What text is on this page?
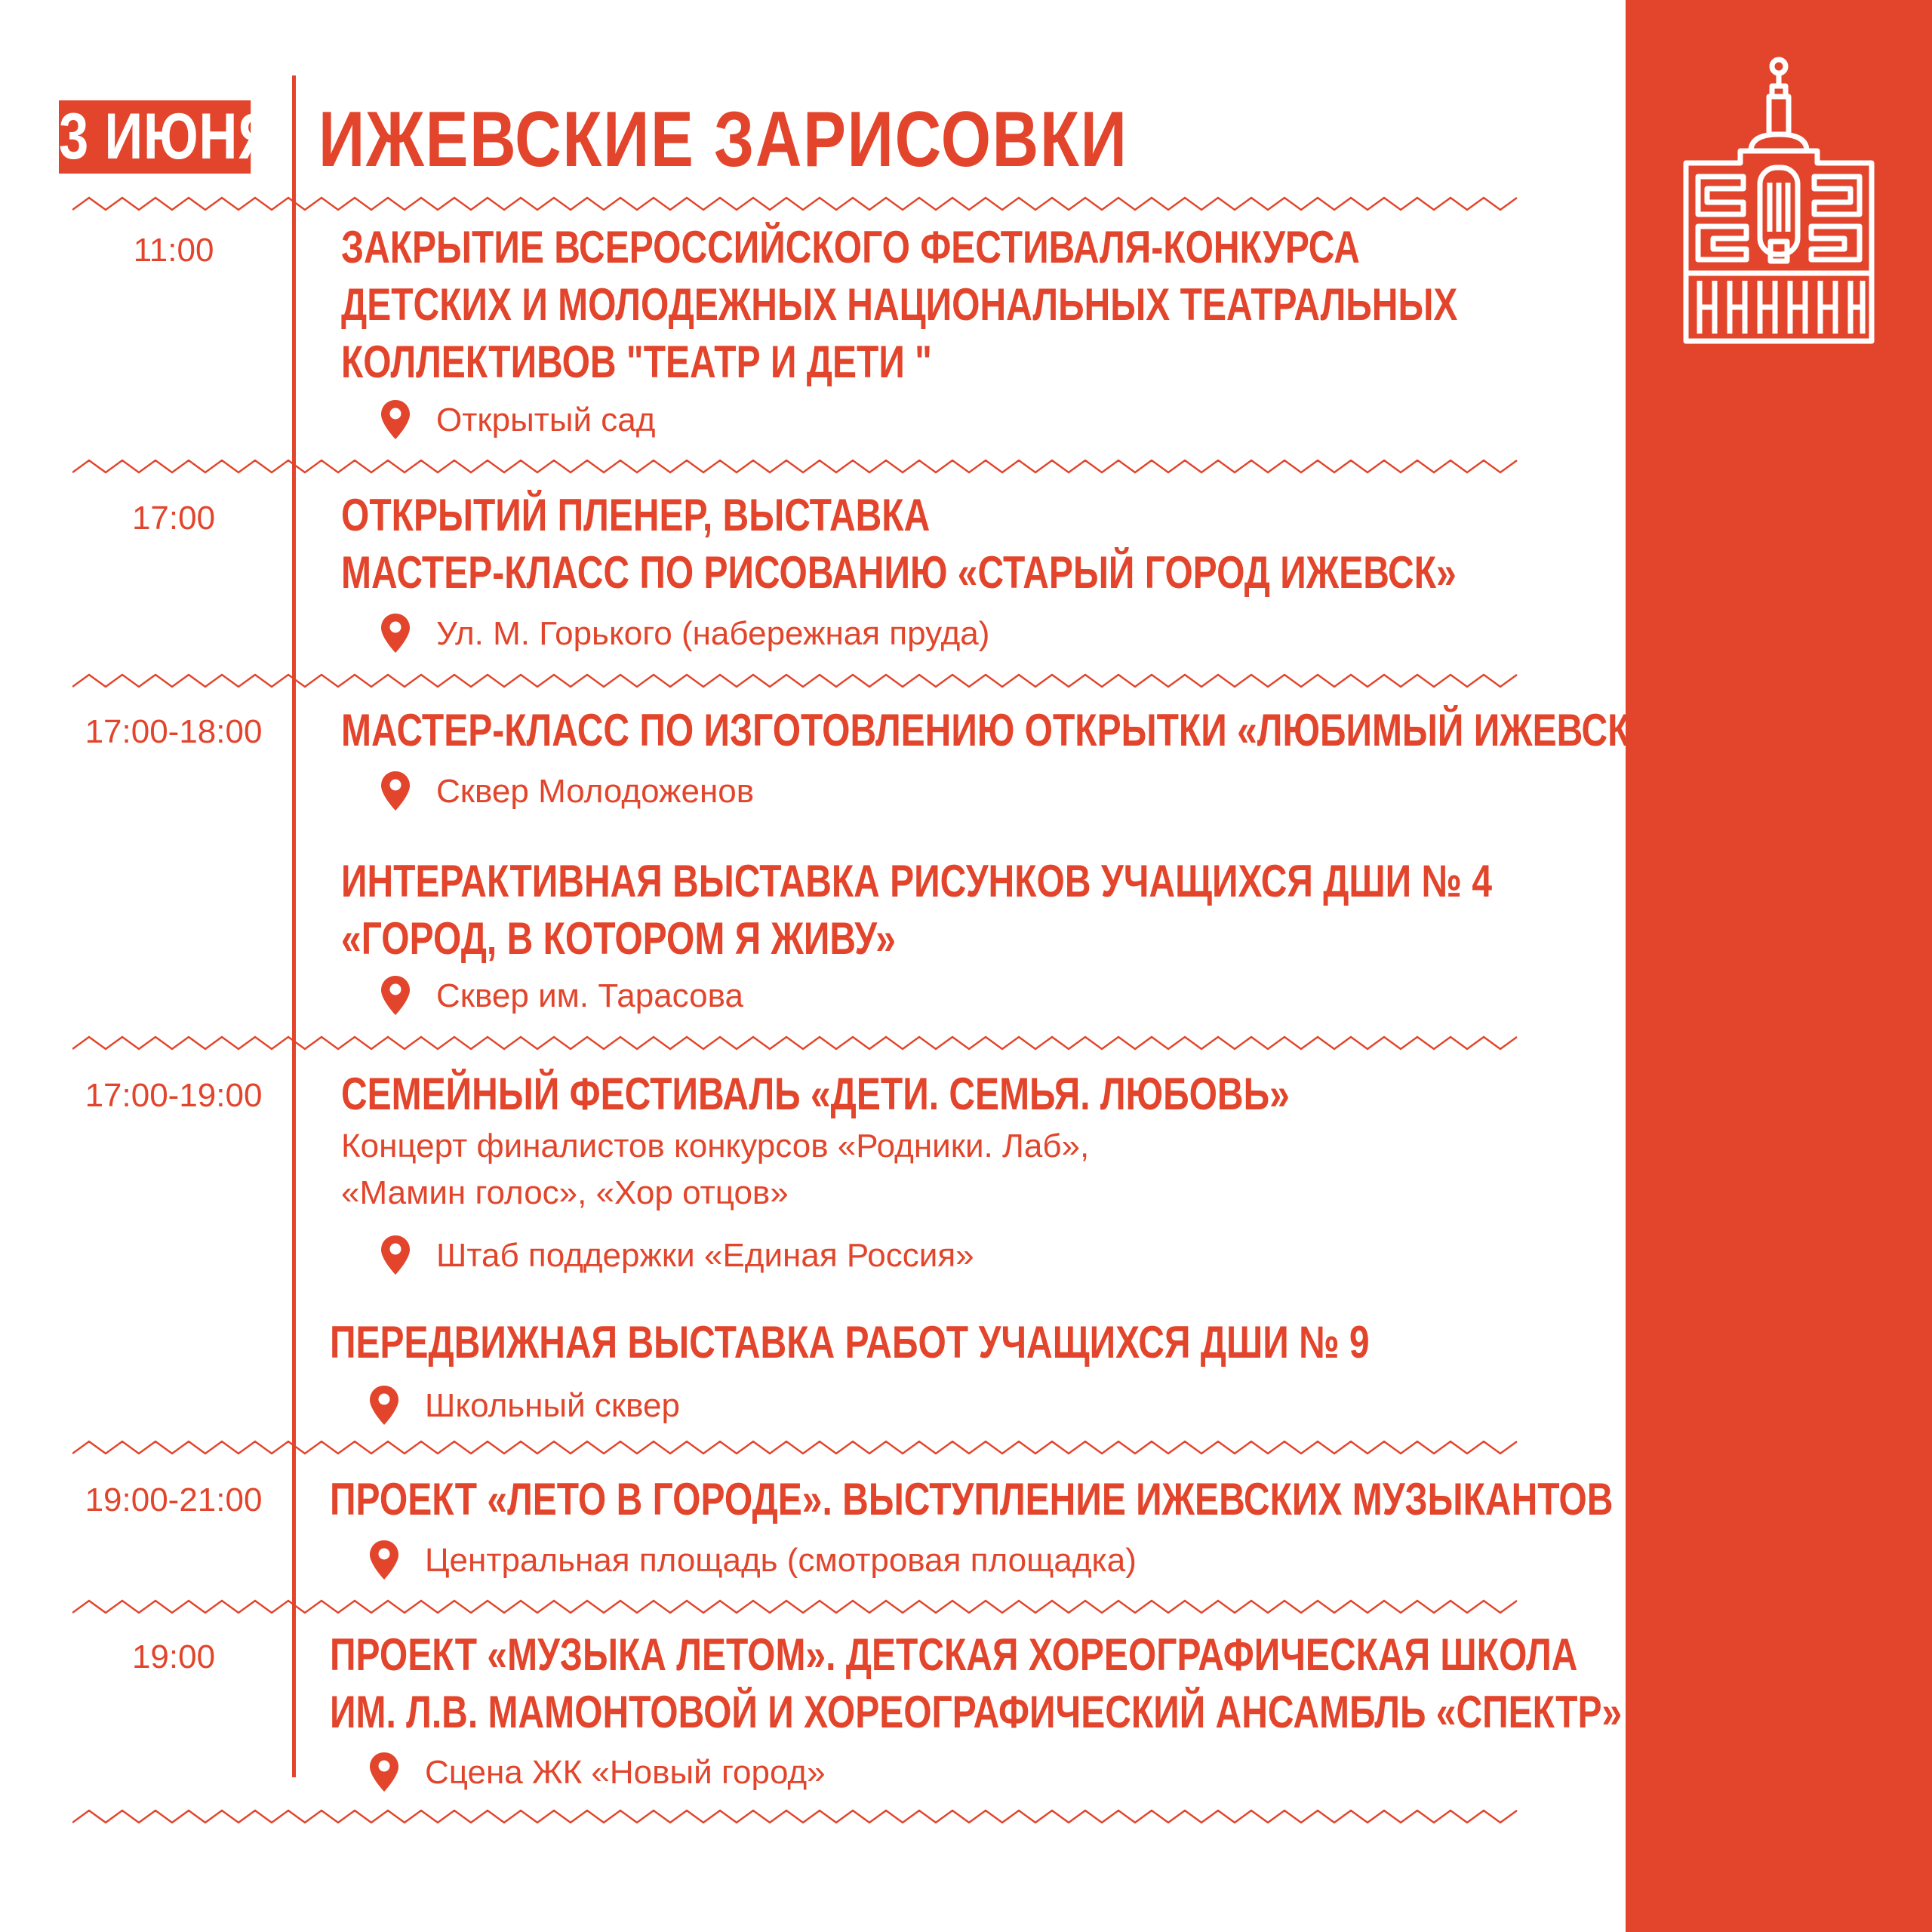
3 ИЮНЯ ИЖЕВСКИЕ ЗАРИСОВКИ
11:00	ЗАКРЫТИЕ ВСЕРОССИЙСКОГО ФЕСТИВАЛЯ-КОНКУРСА
ДЕТСКИХ И МОЛОДЕЖНЫХ НАЦИОНАЛЬНЫХ ТЕАТРАЛЬНЫХ
КОЛЛЕКТИВОВ "ТЕАТР И ДЕТИ "
Открытый сад
17:00	ОТКРЫТИЙ ПЛЕНЕР, ВЫСТАВКА
МАСТЕР-КЛАСС ПО РИСОВАНИЮ «СТАРЫЙ ГОРОД ИЖЕВСК»
Ул. М. Горького (набережная пруда)
17:00-18:00	МАСТЕР-КЛАСС ПО ИЗГОТОВЛЕНИЮ ОТКРЫТКИ «ЛЮБИМЫЙ ИЖЕВСК»
Сквер Молодоженов
ИНТЕРАКТИВНАЯ ВЫСТАВКА РИСУНКОВ УЧАЩИХСЯ ДШИ № 4
«ГОРОД, В КОТОРОМ Я ЖИВУ»
Сквер им. Тарасова
17:00-19:00	СЕМЕЙНЫЙ ФЕСТИВАЛЬ «ДЕТИ. СЕМЬЯ. ЛЮБОВЬ»
Концерт финалистов конкурсов «Родники. Лаб»,
«Мамин голос», «Хор отцов»
Штаб поддержки «Единая Россия»
ПЕРЕДВИЖНАЯ ВЫСТАВКА РАБОТ УЧАЩИХСЯ ДШИ № 9
Школьный сквер
19:00-21:00	ПРОЕКТ «ЛЕТО В ГОРОДЕ». ВЫСТУПЛЕНИЕ ИЖЕВСКИХ МУЗЫКАНТОВ
Центральная площадь (смотровая площадка)
19:00	ПРОЕКТ «МУЗЫКА ЛЕТОМ». ДЕТСКАЯ ХОРЕОГРАФИЧЕСКАЯ ШКОЛА
ИМ. Л.В. МАМОНТОВОЙ И ХОРЕОГРАФИЧЕСКИЙ АНСАМБЛЬ «СПЕКТР»
Сцена ЖК «Новый город»
